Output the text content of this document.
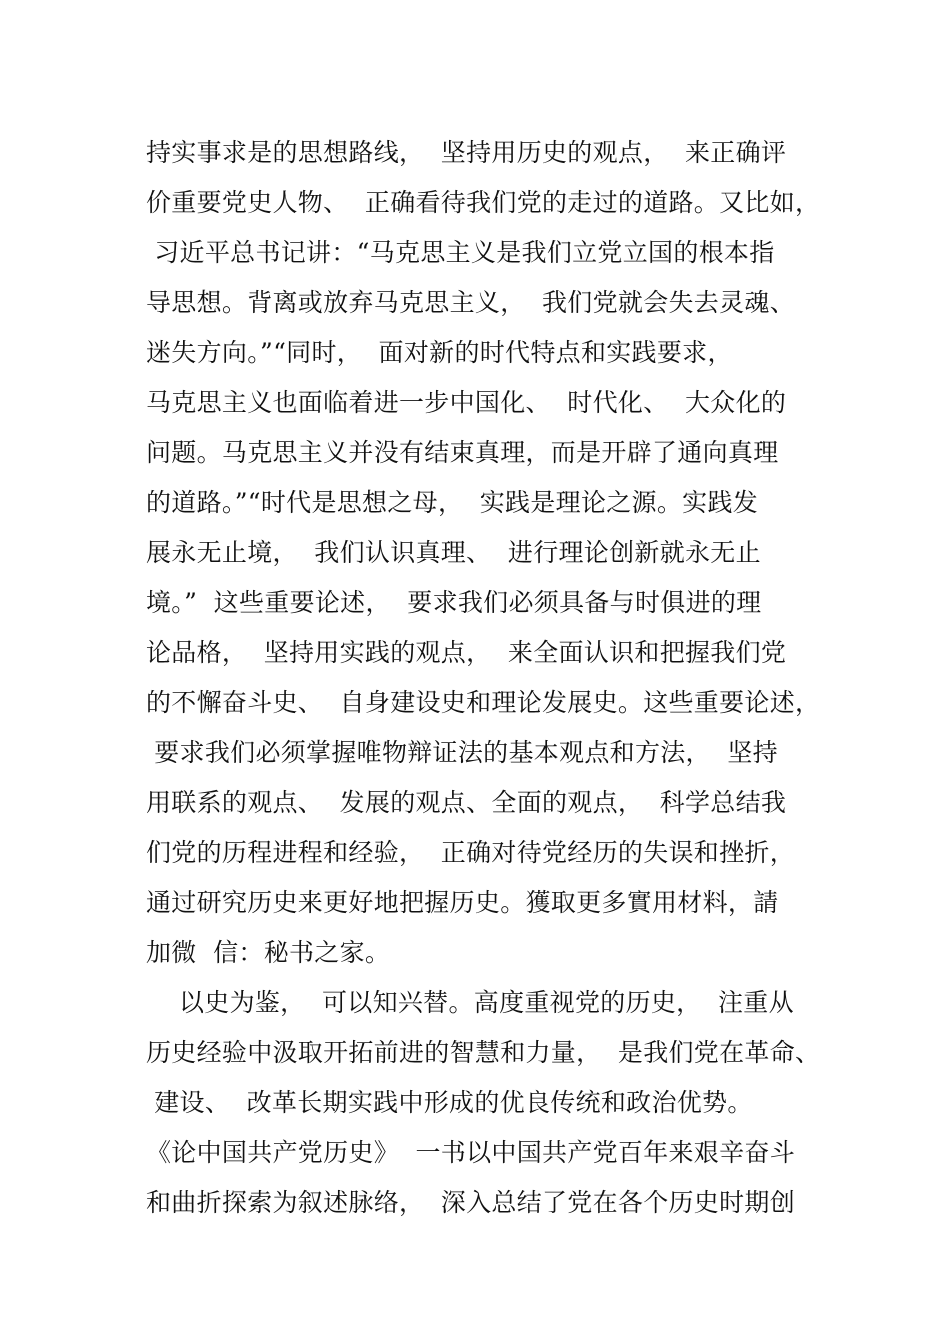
持实事求是的思想路线，  坚持用历史的观点，  来正确评
价重要党史人物、  正确看待我们党的走过的道路。又比如，
习近平总书记讲：“马克思主义是我们立党立国的根本指
导思想。背离或放弃马克思主义，  我们党就会失去灵魂、
迷失方向。”“同时，  面对新的时代特点和实践要求，
马克思主义也面临着进一步中国化、  时代化、  大众化的
问题。马克思主义并没有结束真理，而是开辟了通向真理
的道路。”“时代是思想之母，  实践是理论之源。实践发
展永无止境，  我们认识真理、  进行理论创新就永无止
境。”  这些重要论述，  要求我们必须具备与时俱进的理
论品格，  坚持用实践的观点，  来全面认识和把握我们党
的不懈奋斗史、  自身建设史和理论发展史。这些重要论述，
要求我们必须掌握唯物辩证法的基本观点和方法，  坚持
用联系的观点、  发展的观点、全面的观点，  科学总结我
们党的历程进程和经验，  正确对待党经历的失误和挫折，
通过研究历史来更好地把握历史。獲取更多實用材料，請
加微  信：秘书之家。
以史为鉴，  可以知兴替。高度重视党的历史，  注重从
历史经验中汲取开拓前进的智慧和力量，  是我们党在革命、
建设、  改革长期实践中形成的优良传统和政治优势。
《论中国共产党历史》  一书以中国共产党百年来艰辛奋斗
和曲折探索为叙述脉络，  深入总结了党在各个历史时期创
